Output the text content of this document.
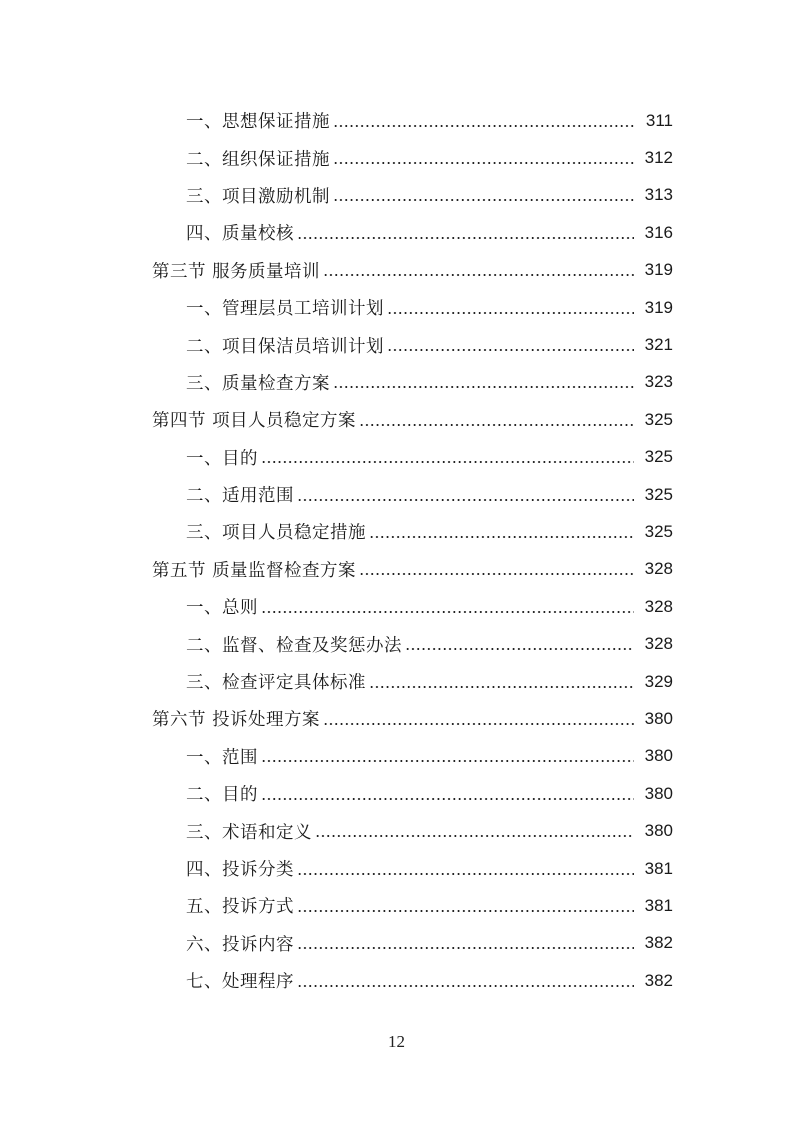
一、思想保证措施	311
二、组织保证措施	312
三、项目激励机制	313
四、质量校核	316
第三节 服务质量培训	319
一、管理层员工培训计划	319
二、项目保洁员培训计划	321
三、质量检查方案	323
第四节 项目人员稳定方案	325
一、目的	325
二、适用范围	325
三、项目人员稳定措施	325
第五节 质量监督检查方案	328
一、总则	328
二、监督、检查及奖惩办法	328
三、检查评定具体标准	329
第六节 投诉处理方案	380
一、范围	380
二、目的	380
三、术语和定义	380
四、投诉分类	381
五、投诉方式	381
六、投诉内容	382
七、处理程序	382
12
